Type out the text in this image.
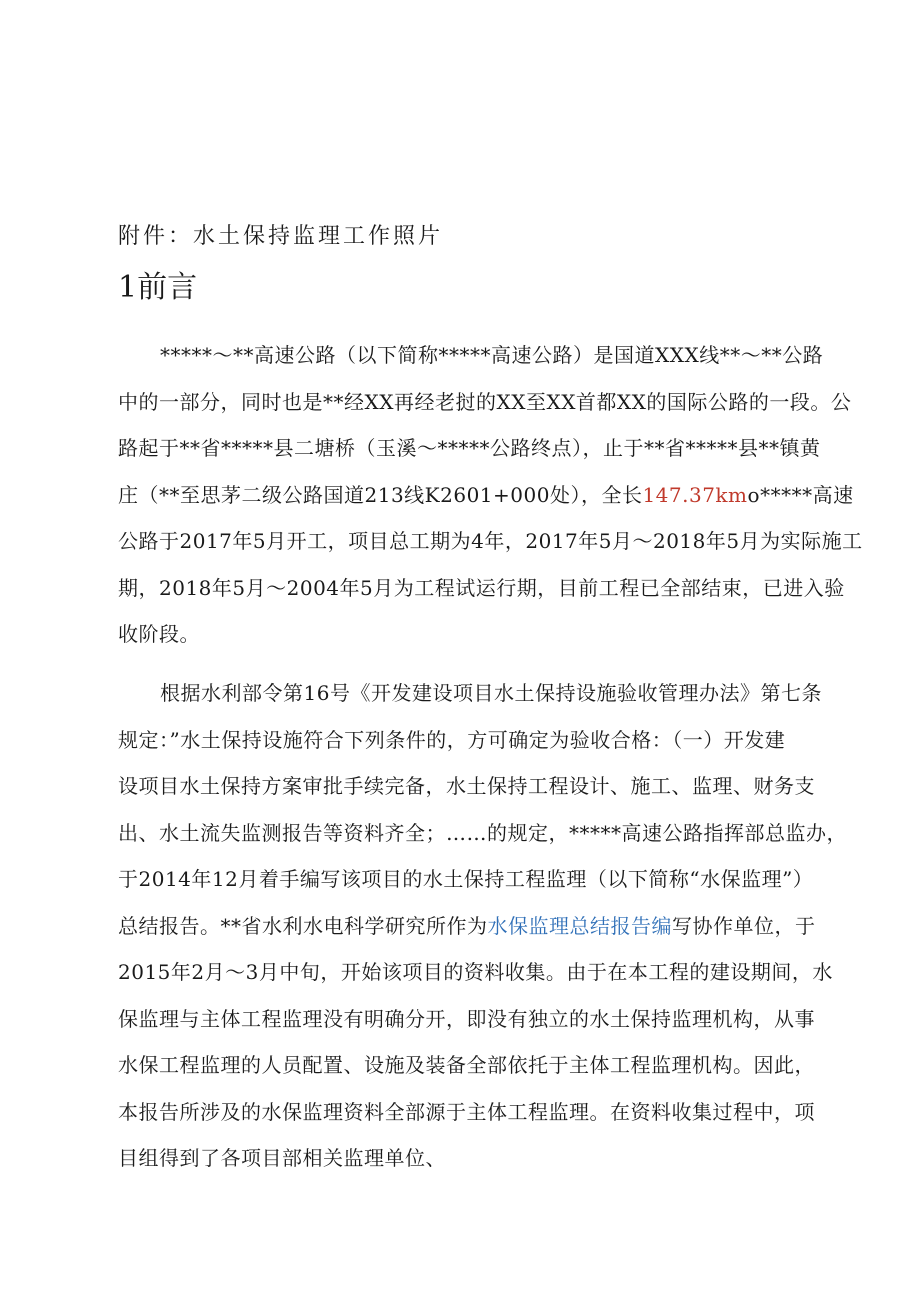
附件：水土保持监理工作照片
1前言
*****～**高速公路（以下简称*****高速公路）是国道XXX线**～**公路
中的一部分，同时也是**经XX再经老挝的XX至XX首都XX的国际公路的一段。公
路起于**省*****县二塘桥（玉溪～*****公路终点），止于**省*****县**镇黄
庄（**至思茅二级公路国道213线K2601+000处），全长147.37kmo*****高速
公路于2017年5月开工，项目总工期为4年，2017年5月～2018年5月为实际施工
期，2018年5月～2004年5月为工程试运行期，目前工程已全部结束，已进入验
收阶段。
根据水利部令第16号《开发建设项目水土保持设施验收管理办法》第七条
规定：”水土保持设施符合下列条件的，方可确定为验收合格：（一）开发建
设项目水土保持方案审批手续完备，水土保持工程设计、施工、监理、财务支
出、水土流失监测报告等资料齐全；……的规定，*****高速公路指挥部总监办，
于2014年12月着手编写该项目的水土保持工程监理（以下简称“水保监理”）
总结报告。**省水利水电科学研究所作为水保监理总结报告编写协作单位，于
2015年2月～3月中旬，开始该项目的资料收集。由于在本工程的建设期间，水
保监理与主体工程监理没有明确分开，即没有独立的水土保持监理机构，从事
水保工程监理的人员配置、设施及装备全部依托于主体工程监理机构。因此，
本报告所涉及的水保监理资料全部源于主体工程监理。在资料收集过程中，项
目组得到了各项目部相关监理单位、
